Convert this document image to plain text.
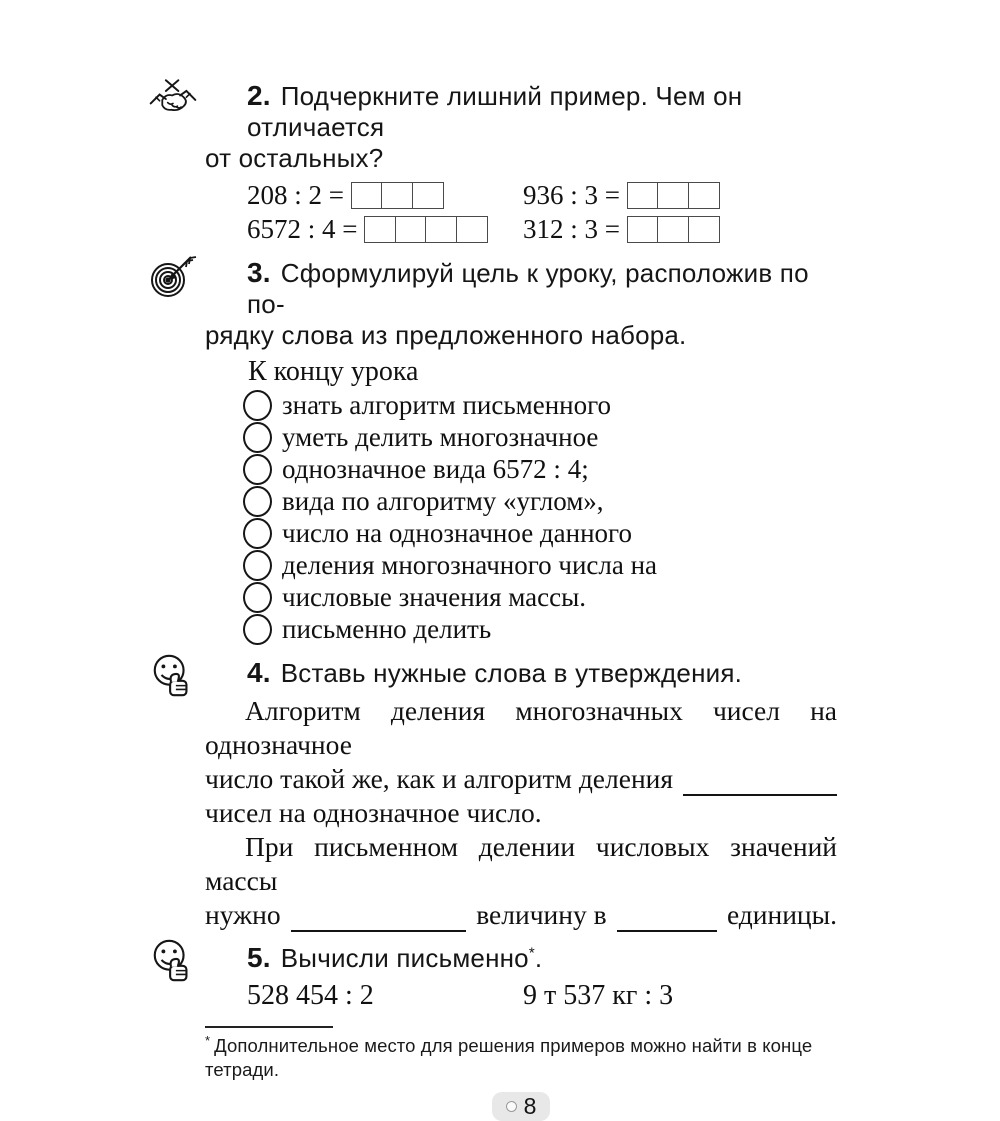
2. Подчеркните лишний пример. Чем он отличается
от остальных?
208 : 2 =	936 : 3 =
6572 : 4 =	312 : 3 =
3. Сформулируй цель к уроку, расположив по по-
рядку слова из предложенного набора.
К концу урока
знать алгоритм письменного
уметь делить многозначное
однозначное вида 6572 : 4;
вида по алгоритму «углом»,
число на однозначное данного
деления многозначного числа на
числовые значения массы.
письменно делить
4. Вставь нужные слова в утверждения.
Алгоритм деления многозначных чисел на однозначное
число такой же, как и алгоритм деления
чисел на однозначное число.
При письменном делении числовых значений массы
нужно	величину в	единицы.
5. Вычисли письменно*.
528 454 : 2	9 т 537 кг : 3
* Дополнительное место для решения примеров можно найти в конце тетради.
8
